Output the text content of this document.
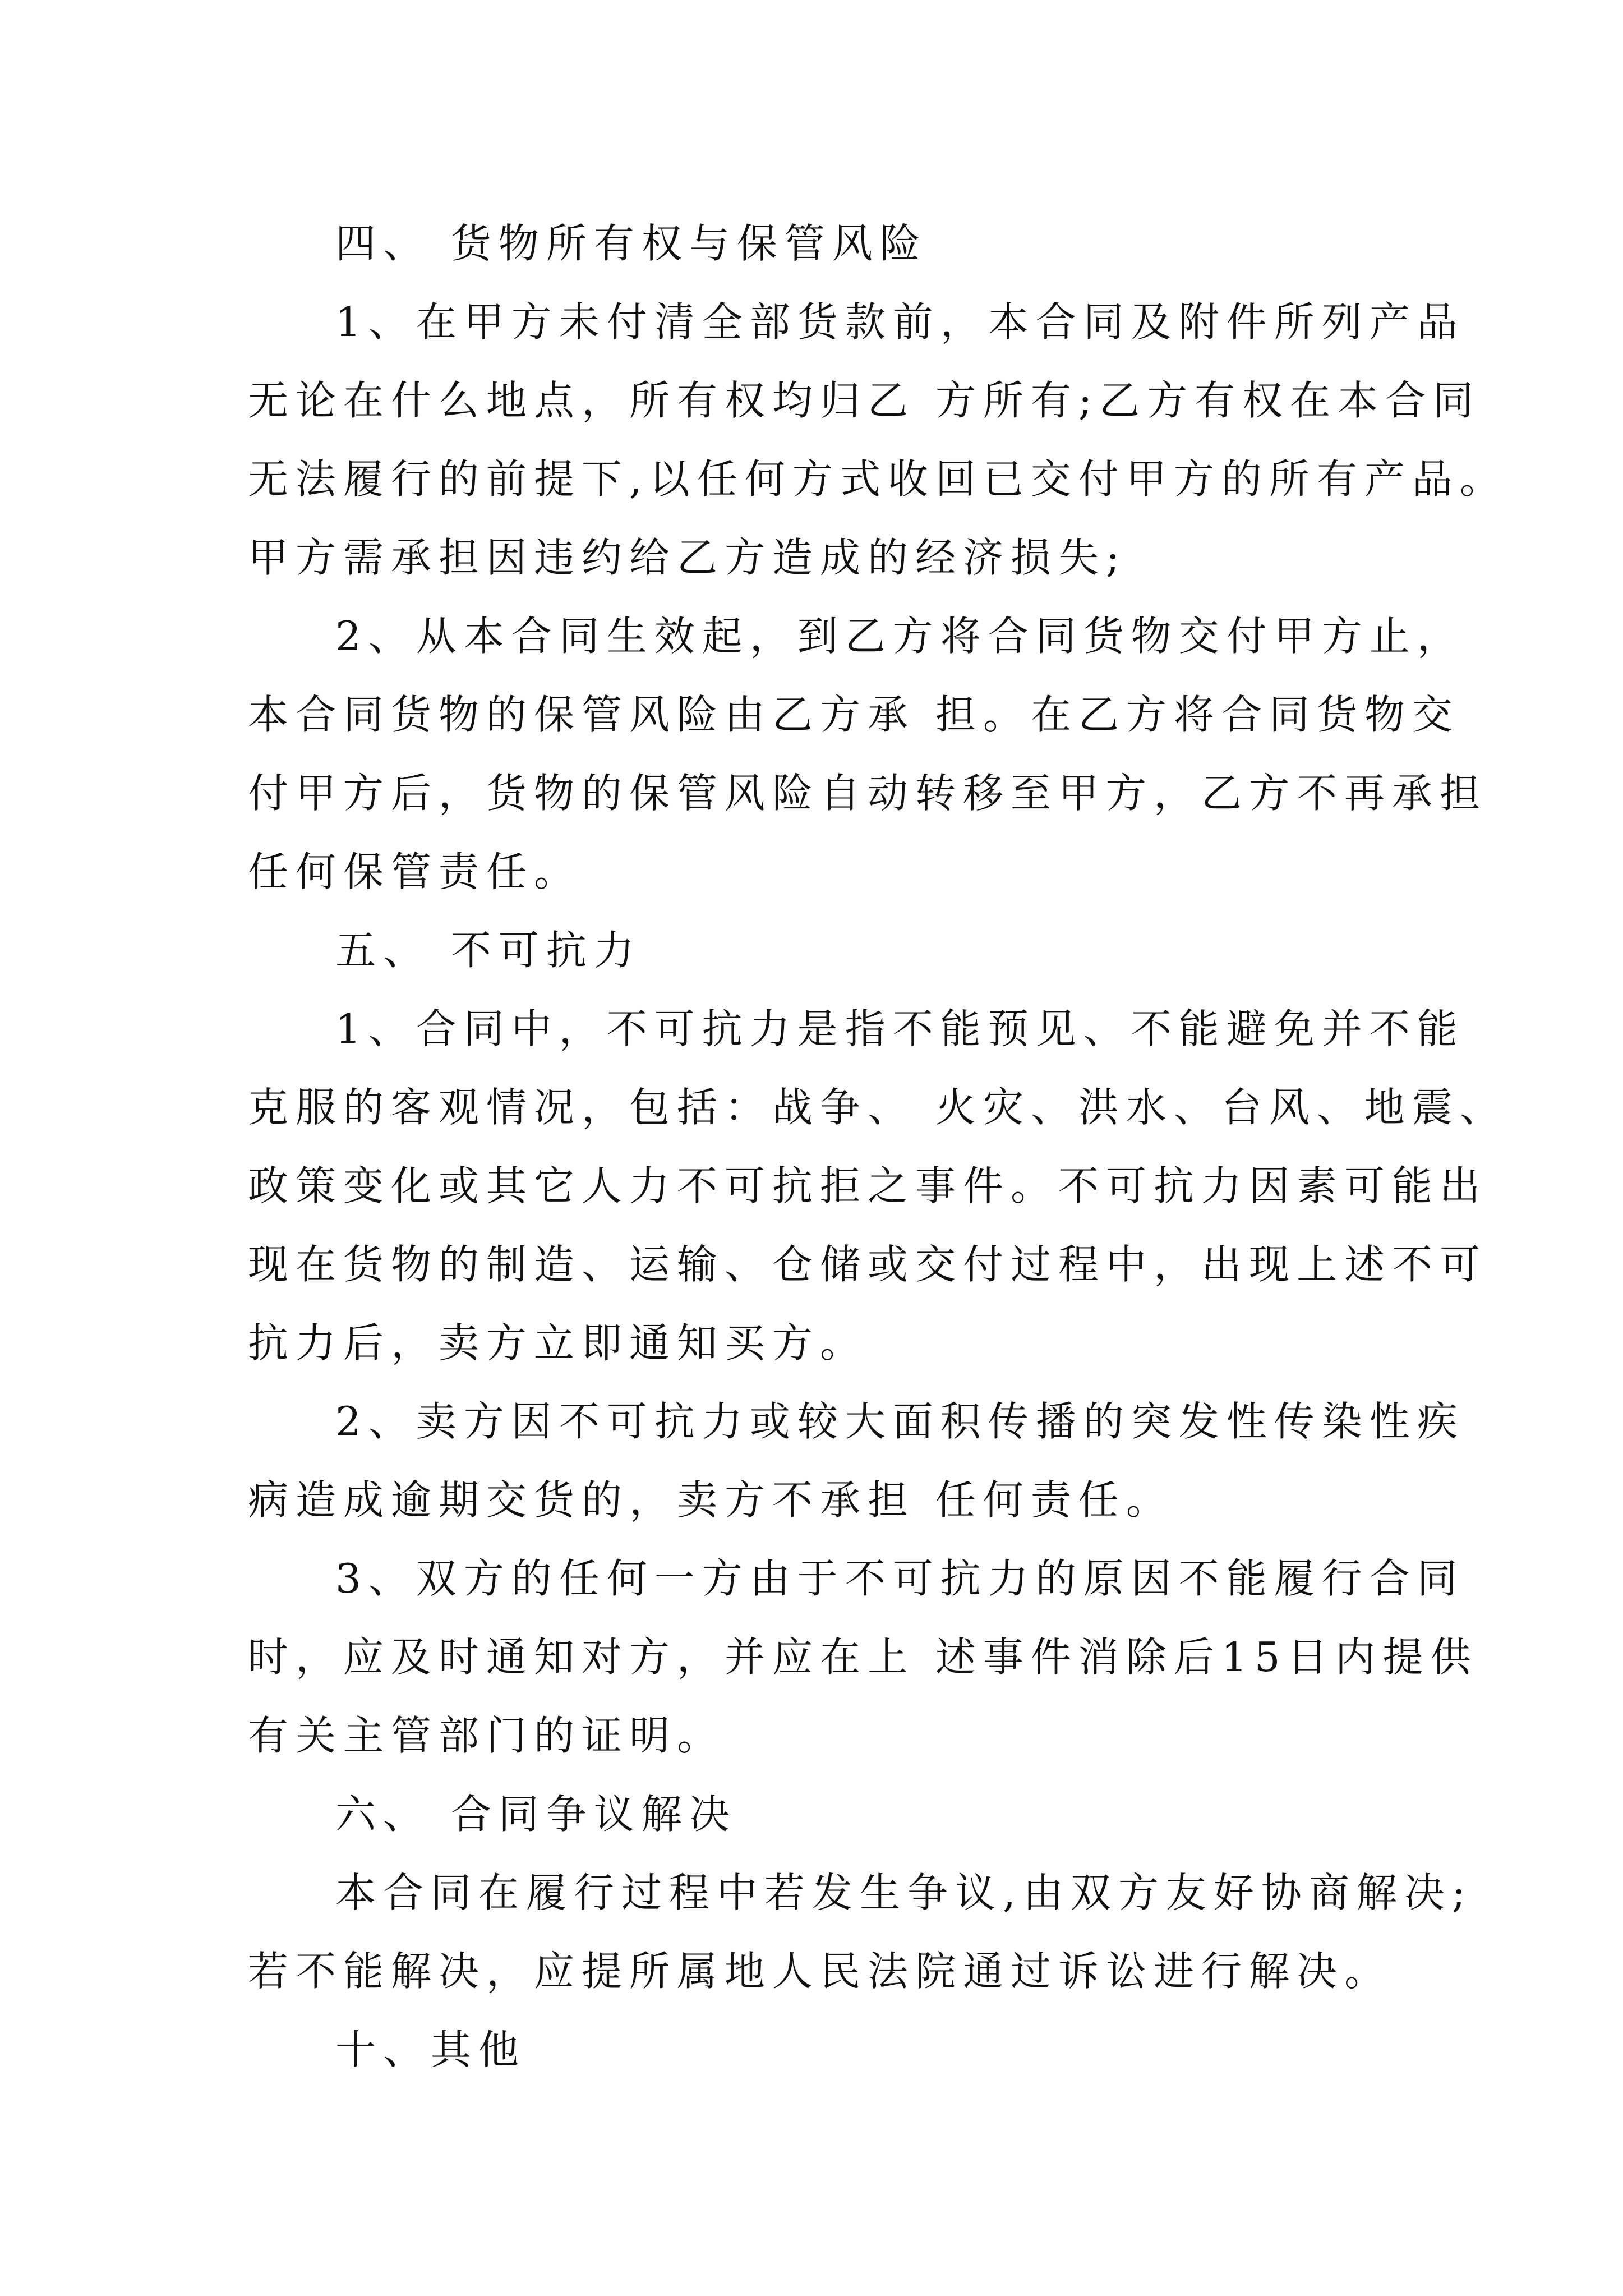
四、 货物所有权与保管风险
1、在甲方未付清全部货款前，本合同及附件所列产品
无论在什么地点，所有权均归乙 方所有;乙方有权在本合同
无法履行的前提下,以任何方式收回已交付甲方的所有产品。
甲方需承担因违约给乙方造成的经济损失;
2、从本合同生效起，到乙方将合同货物交付甲方止，
本合同货物的保管风险由乙方承 担。在乙方将合同货物交
付甲方后，货物的保管风险自动转移至甲方，乙方不再承担
任何保管责任。
五、 不可抗力
1、合同中，不可抗力是指不能预见、不能避免并不能
克服的客观情况，包括：战争、 火灾、洪水、台风、地震、
政策变化或其它人力不可抗拒之事件。不可抗力因素可能出
现在货物的制造、运输、仓储或交付过程中，出现上述不可
抗力后，卖方立即通知买方。
2、卖方因不可抗力或较大面积传播的突发性传染性疾
病造成逾期交货的，卖方不承担 任何责任。
3、双方的任何一方由于不可抗力的原因不能履行合同
时，应及时通知对方，并应在上 述事件消除后15日内提供
有关主管部门的证明。
六、 合同争议解决
本合同在履行过程中若发生争议,由双方友好协商解决;
若不能解决，应提所属地人民法院通过诉讼进行解决。
十、其他
